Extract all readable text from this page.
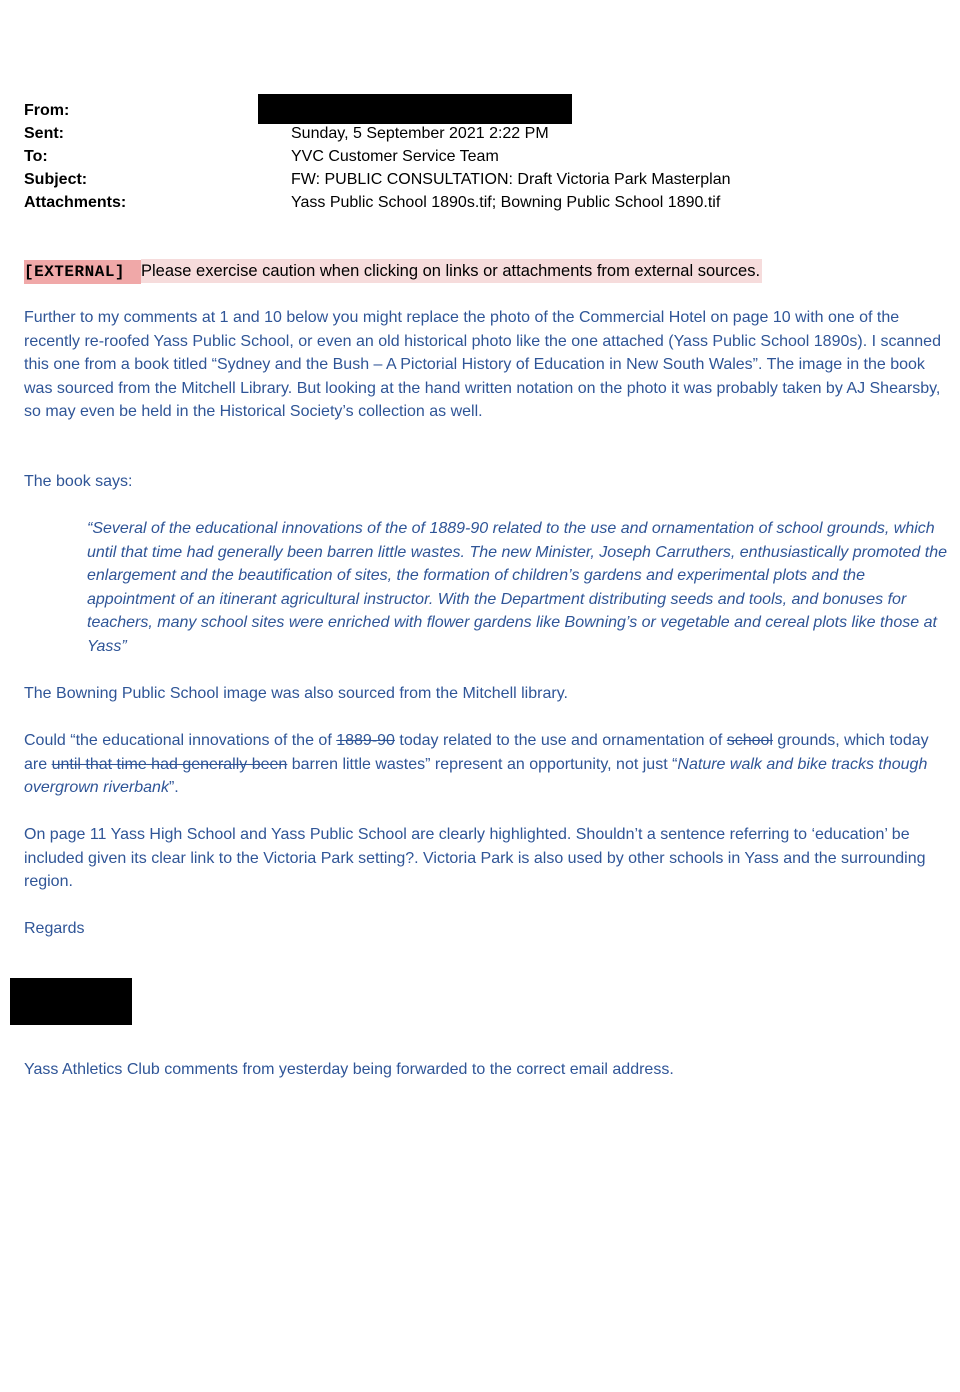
From:
Sent:	Sunday, 5 September 2021 2:22 PM
To:	YVC Customer Service Team
Subject:	FW: PUBLIC CONSULTATION: Draft Victoria Park Masterplan
Attachments:	Yass Public School 1890s.tif; Bowning Public School 1890.tif
[EXTERNAL] Please exercise caution when clicking on links or attachments from external sources.
Further to my comments at 1 and 10 below you might replace the photo of the Commercial Hotel on page 10 with one of the recently re-roofed Yass Public School, or even an old historical photo like the one attached (Yass Public School 1890s). I scanned this one from a book titled “Sydney and the Bush – A Pictorial History of Education in New South Wales”. The image in the book was sourced from the Mitchell Library. But looking at the hand written notation on the photo it was probably taken by AJ Shearsby, so may even be held in the Historical Society’s collection as well.
The book says:
“Several of the educational innovations of the of 1889-90 related to the use and ornamentation of school grounds, which until that time had generally been barren little wastes. The new Minister, Joseph Carruthers, enthusiastically promoted the enlargement and the beautification of sites, the formation of children’s gardens and experimental plots and the appointment of an itinerant agricultural instructor. With the Department distributing seeds and tools, and bonuses for teachers, many school sites were enriched with flower gardens like Bowning’s or vegetable and cereal plots like those at Yass”
The Bowning Public School image was also sourced from the Mitchell library.
Could “the educational innovations of the of 1889-90 today related to the use and ornamentation of school grounds, which today are until that time had generally been barren little wastes” represent an opportunity, not just “Nature walk and bike tracks though overgrown riverbank”.
On page 11 Yass High School and Yass Public School are clearly highlighted. Shouldn’t a sentence referring to ‘education’ be included given its clear link to the Victoria Park setting?. Victoria Park is also used by other schools in Yass and the surrounding region.
Regards
Yass Athletics Club comments from yesterday being forwarded to the correct email address.
